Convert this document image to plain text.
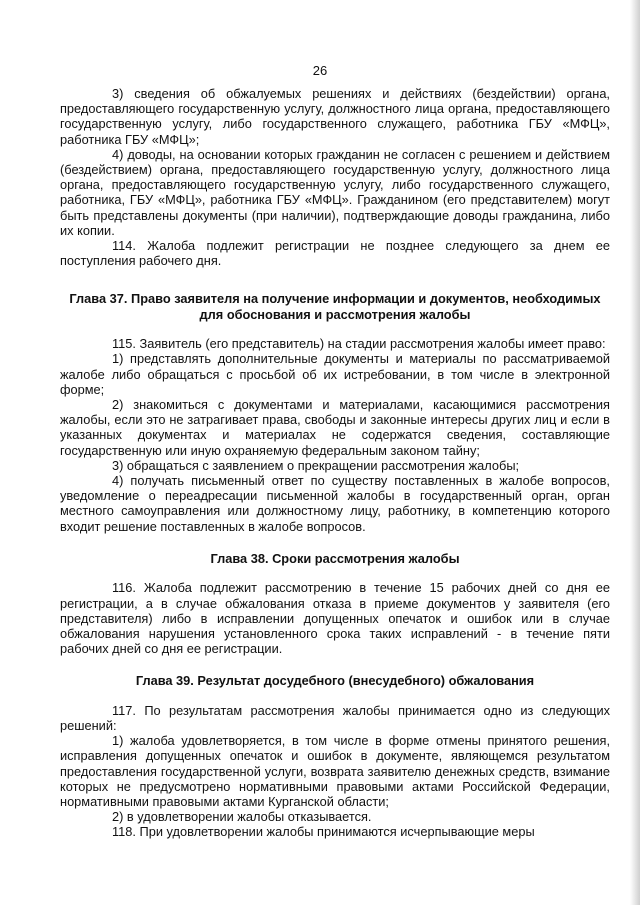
26

3) сведения об обжалуемых решениях и действиях (бездействии) органа, предоставляющего государственную услугу, должностного лица органа, предоставляющего государственную услугу, либо государственного служащего, работника ГБУ «МФЦ», работника ГБУ «МФЦ»;

4) доводы, на основании которых гражданин не согласен с решением и действием (бездействием) органа, предоставляющего государственную услугу, должностного лица органа, предоставляющего государственную услугу, либо государственного служащего, работника, ГБУ «МФЦ», работника ГБУ «МФЦ». Гражданином (его представителем) могут быть представлены документы (при наличии), подтверждающие доводы гражданина, либо их копии.

114. Жалоба подлежит регистрации не позднее следующего за днем ее поступления рабочего дня.

Глава 37. Право заявителя на получение информации и документов, необходимых для обоснования и рассмотрения жалобы

115. Заявитель (его представитель) на стадии рассмотрения жалобы имеет право:

1) представлять дополнительные документы и материалы по рассматриваемой жалобе либо обращаться с просьбой об их истребовании, в том числе в электронной форме;

2) знакомиться с документами и материалами, касающимися рассмотрения жалобы, если это не затрагивает права, свободы и законные интересы других лиц и если в указанных документах и материалах не содержатся сведения, составляющие государственную или иную охраняемую федеральным законом тайну;

3) обращаться с заявлением о прекращении рассмотрения жалобы;

4) получать письменный ответ по существу поставленных в жалобе вопросов, уведомление о переадресации письменной жалобы в государственный орган, орган местного самоуправления или должностному лицу, работнику, в компетенцию которого входит решение поставленных в жалобе вопросов.

Глава 38. Сроки рассмотрения жалобы

116. Жалоба подлежит рассмотрению в течение 15 рабочих дней со дня ее регистрации, а в случае обжалования отказа в приеме документов у заявителя (его представителя) либо в исправлении допущенных опечаток и ошибок или в случае обжалования нарушения установленного срока таких исправлений - в течение пяти рабочих дней со дня ее регистрации.

Глава 39. Результат досудебного (внесудебного) обжалования

117. По результатам рассмотрения жалобы принимается одно из следующих решений:

1) жалоба удовлетворяется, в том числе в форме отмены принятого решения, исправления допущенных опечаток и ошибок в документе, являющемся результатом предоставления государственной услуги, возврата заявителю денежных средств, взимание которых не предусмотрено нормативными правовыми актами Российской Федерации, нормативными правовыми актами Курганской области;

2) в удовлетворении жалобы отказывается.

118. При удовлетворении жалобы принимаются исчерпывающие меры
